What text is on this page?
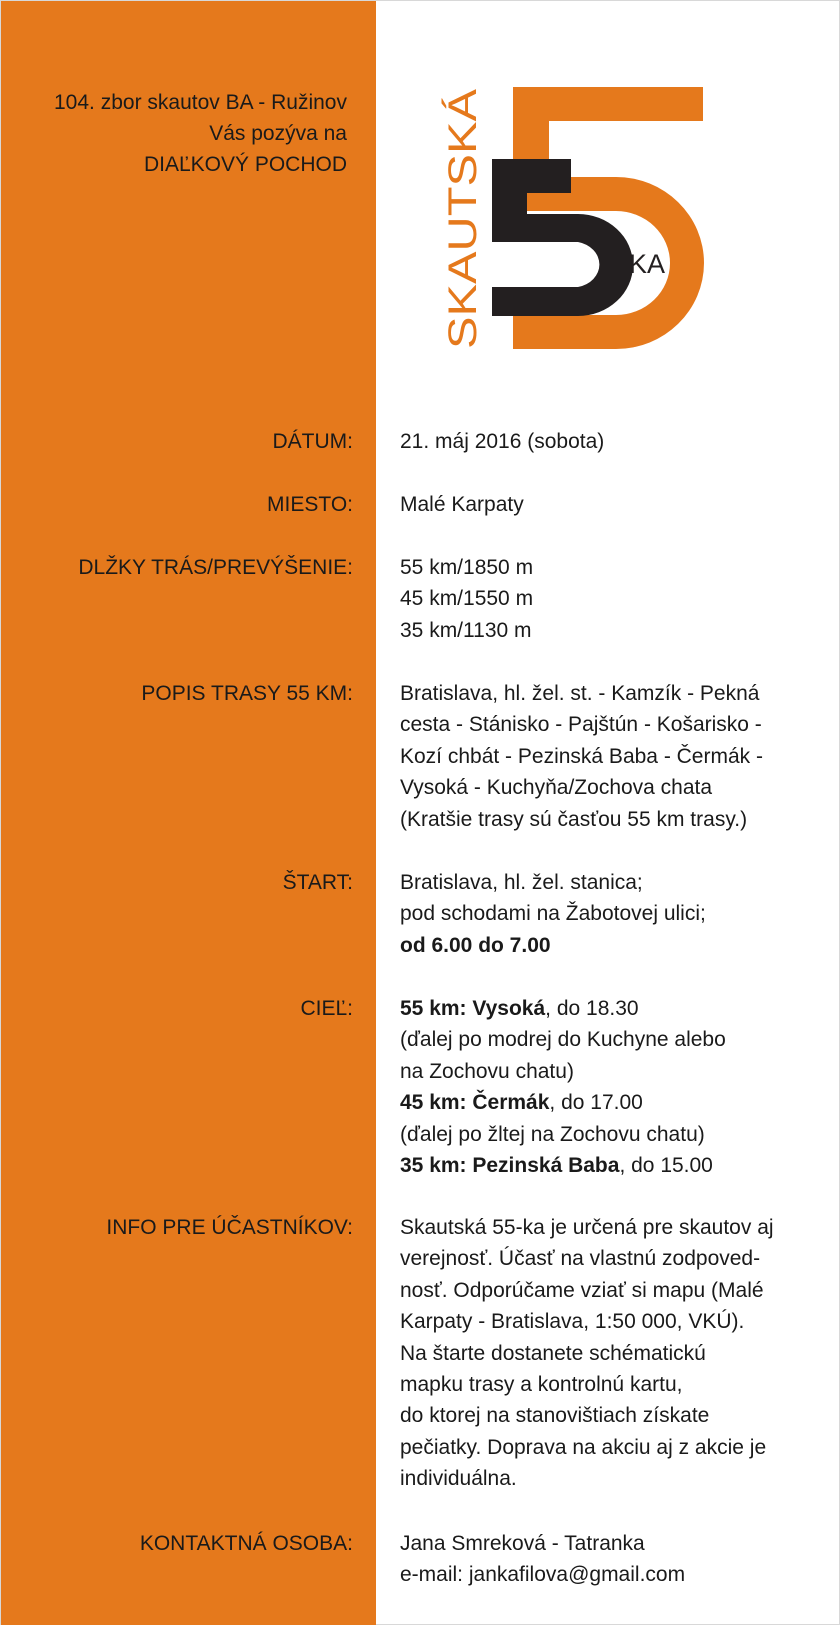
104. zbor skautov BA - Ružinov
Vás pozýva na
DIAĽKOVÝ POCHOD
KA
SKAUTSKÁ
DÁTUM: 21. máj 2016 (sobota)
MIESTO: Malé Karpaty
DLŽKY TRÁS/PREVÝŠENIE: 55 km/1850 m
45 km/1550 m
35 km/1130 m
POPIS TRASY 55 KM: Bratislava, hl. žel. st. - Kamzík - Pekná
cesta - Stánisko - Pajštún - Košarisko -
Kozí chbát - Pezinská Baba - Čermák -
Vysoká - Kuchyňa/Zochova chata
(Kratšie trasy sú časťou 55 km trasy.)
ŠTART: Bratislava, hl. žel. stanica;
pod schodami na Žabotovej ulici;
od 6.00 do 7.00
CIEĽ: 55 km: Vysoká, do 18.30
(ďalej po modrej do Kuchyne alebo
na Zochovu chatu)
45 km: Čermák, do 17.00
(ďalej po žltej na Zochovu chatu)
35 km: Pezinská Baba, do 15.00
INFO PRE ÚČASTNÍKOV: Skautská 55-ka je určená pre skautov aj
verejnosť. Účasť na vlastnú zodpoved-
nosť. Odporúčame vziať si mapu (Malé
Karpaty - Bratislava, 1:50 000, VKÚ).
Na štarte dostanete schématickú
mapku trasy a kontrolnú kartu,
do ktorej na stanovištiach získate
pečiatky. Doprava na akciu aj z akcie je
individuálna.
KONTAKTNÁ OSOBA: Jana Smreková - Tatranka
e-mail: jankafilova@gmail.com
